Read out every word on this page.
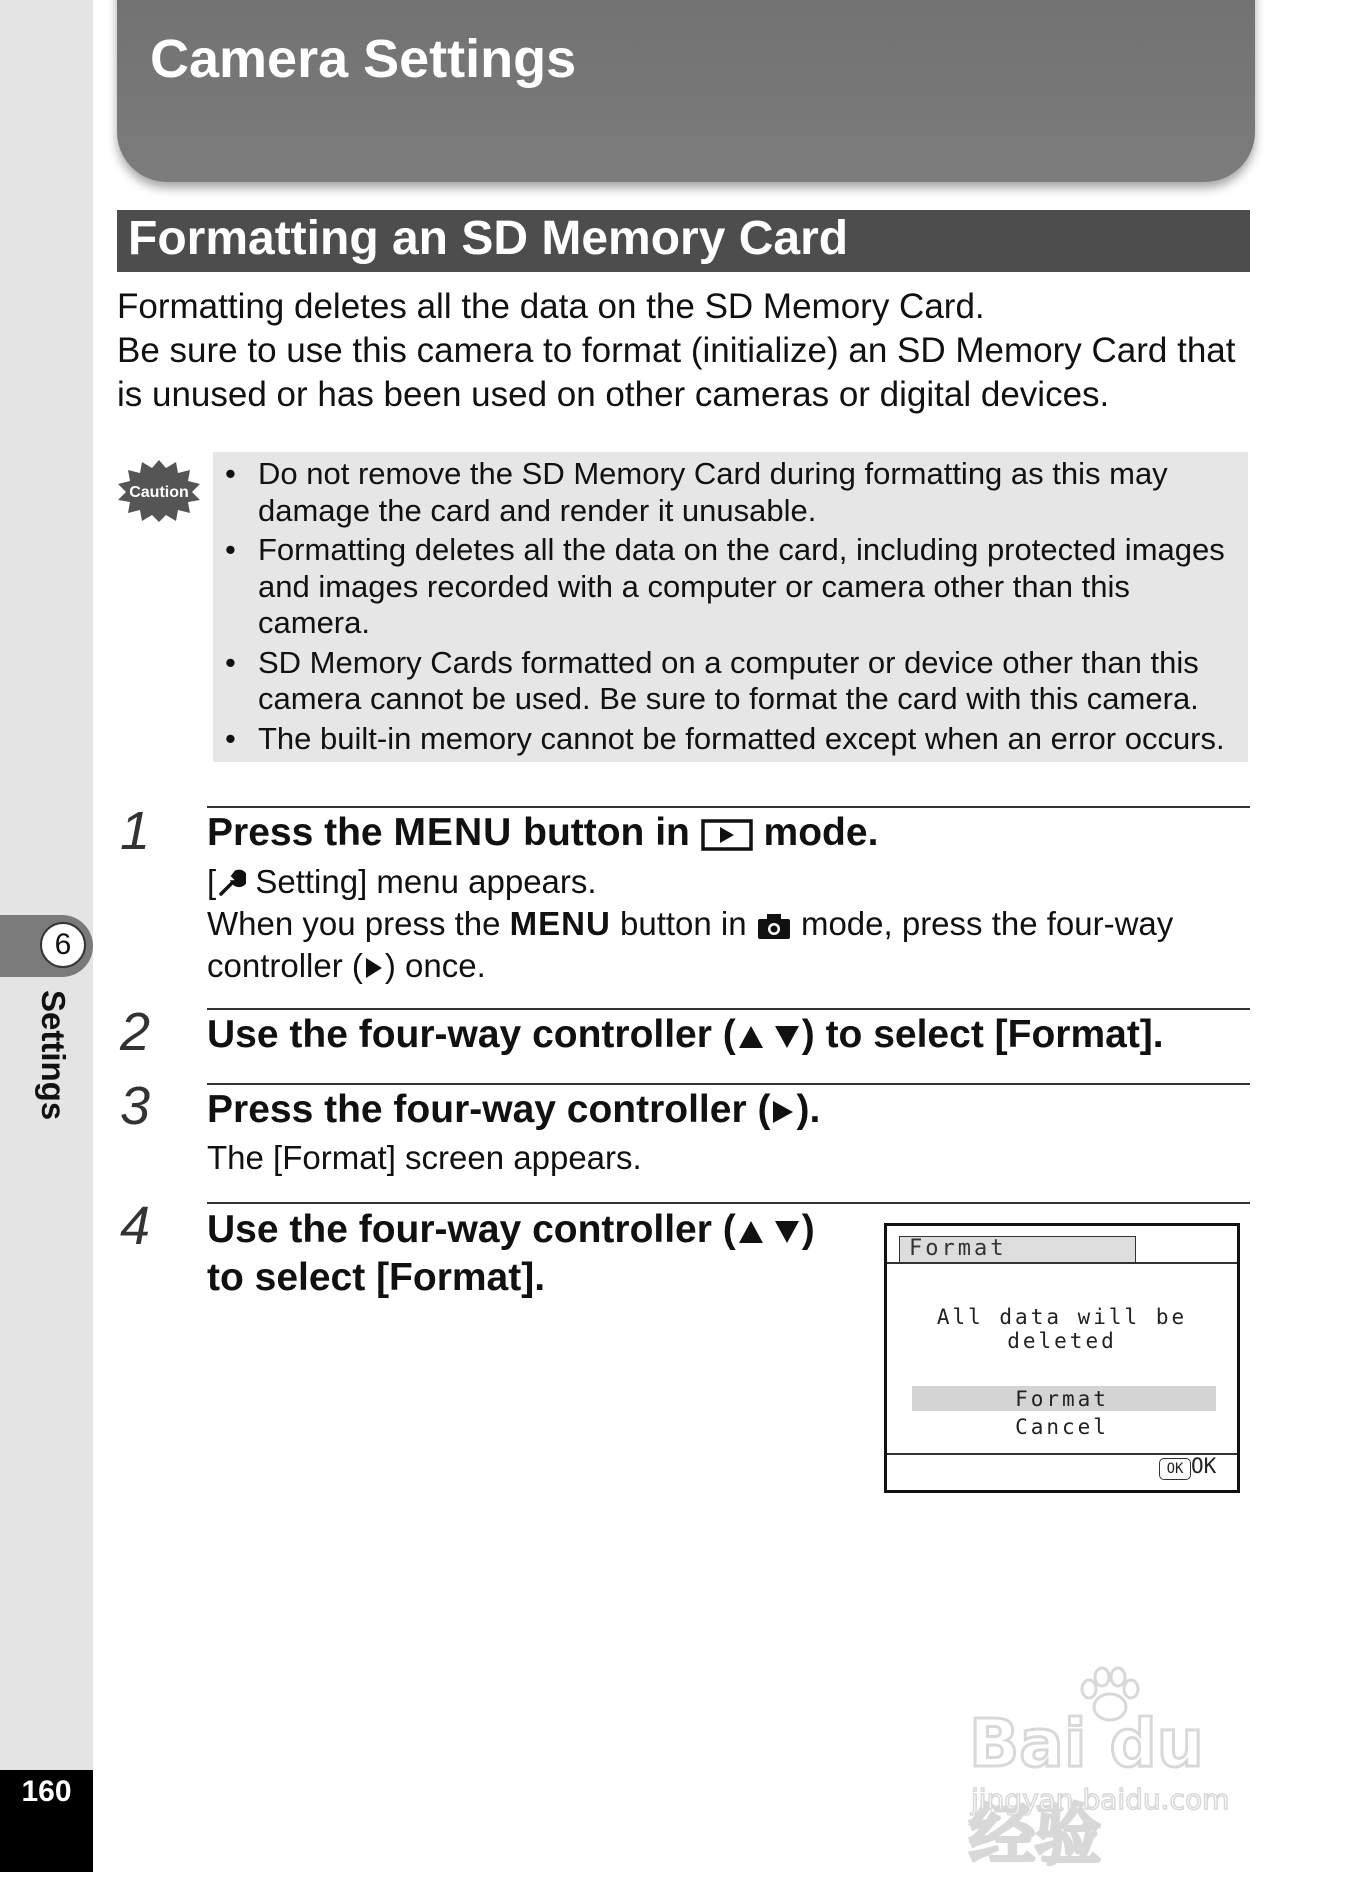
6
Settings
160
Camera Settings
Formatting an SD Memory Card

Formatting deletes all the data on the SD Memory Card.

Be sure to use this camera to format (initialize) an SD Memory Card that is unused or has been used on other cameras or digital devices.

Caution
• Do not remove the SD Memory Card during formatting as this may damage the card and render it unusable.
• Formatting deletes all the data on the card, including protected images and images recorded with a computer or camera other than this camera.
• SD Memory Cards formatted on a computer or device other than this camera cannot be used. Be sure to format the card with this camera.
• The built-in memory cannot be formatted except when an error occurs.
1 Press the MENU button in  mode.
[ Setting] menu appears.
When you press the MENU button in  mode, press the four-way controller ( ) once.
2 Use the four-way controller ( ) to select [Format].
3 Press the four-way controller ( ).
The [Format] screen appears.
4 Use the four-way controller ( )
to select [Format].
Format
All data will be deleted
Format
Cancel
OK OK
Bai du 经验
jingyan.baidu.com
